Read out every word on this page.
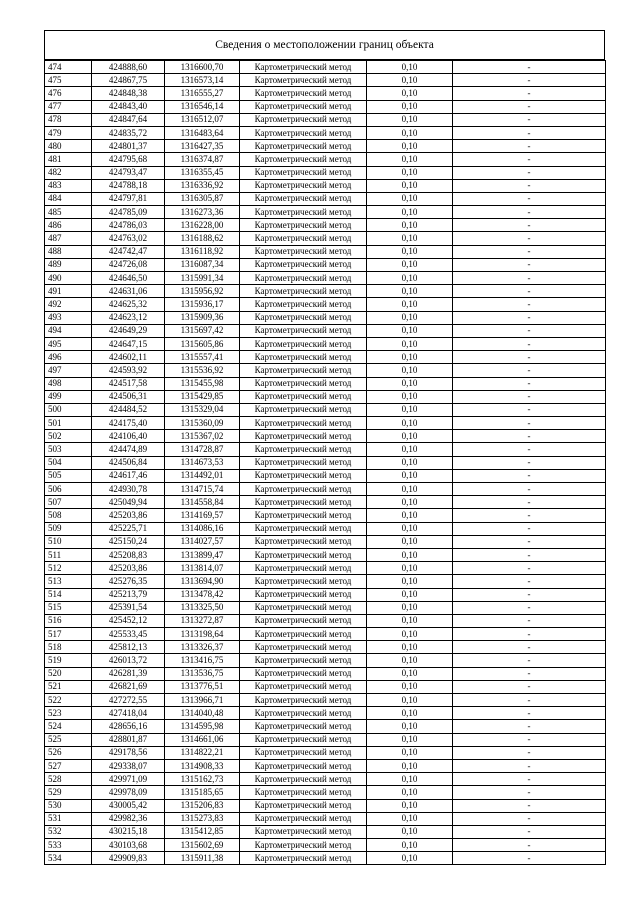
Сведения о местоположении границ объекта
474	424888,60	1316600,70	Картометрический метод	0,10	-
475	424867,75	1316573,14	Картометрический метод	0,10	-
476	424848,38	1316555,27	Картометрический метод	0,10	-
477	424843,40	1316546,14	Картометрический метод	0,10	-
478	424847,64	1316512,07	Картометрический метод	0,10	-
479	424835,72	1316483,64	Картометрический метод	0,10	-
480	424801,37	1316427,35	Картометрический метод	0,10	-
481	424795,68	1316374,87	Картометрический метод	0,10	-
482	424793,47	1316355,45	Картометрический метод	0,10	-
483	424788,18	1316336,92	Картометрический метод	0,10	-
484	424797,81	1316305,87	Картометрический метод	0,10	-
485	424785,09	1316273,36	Картометрический метод	0,10	-
486	424786,03	1316228,00	Картометрический метод	0,10	-
487	424763,02	1316188,62	Картометрический метод	0,10	-
488	424742,47	1316118,92	Картометрический метод	0,10	-
489	424726,08	1316087,34	Картометрический метод	0,10	-
490	424646,50	1315991,34	Картометрический метод	0,10	-
491	424631,06	1315956,92	Картометрический метод	0,10	-
492	424625,32	1315936,17	Картометрический метод	0,10	-
493	424623,12	1315909,36	Картометрический метод	0,10	-
494	424649,29	1315697,42	Картометрический метод	0,10	-
495	424647,15	1315605,86	Картометрический метод	0,10	-
496	424602,11	1315557,41	Картометрический метод	0,10	-
497	424593,92	1315536,92	Картометрический метод	0,10	-
498	424517,58	1315455,98	Картометрический метод	0,10	-
499	424506,31	1315429,85	Картометрический метод	0,10	-
500	424484,52	1315329,04	Картометрический метод	0,10	-
501	424175,40	1315360,09	Картометрический метод	0,10	-
502	424106,40	1315367,02	Картометрический метод	0,10	-
503	424474,89	1314728,87	Картометрический метод	0,10	-
504	424506,84	1314673,53	Картометрический метод	0,10	-
505	424617,46	1314492,01	Картометрический метод	0,10	-
506	424930,78	1314715,74	Картометрический метод	0,10	-
507	425049,94	1314558,84	Картометрический метод	0,10	-
508	425203,86	1314169,57	Картометрический метод	0,10	-
509	425225,71	1314086,16	Картометрический метод	0,10	-
510	425150,24	1314027,57	Картометрический метод	0,10	-
511	425208,83	1313899,47	Картометрический метод	0,10	-
512	425203,86	1313814,07	Картометрический метод	0,10	-
513	425276,35	1313694,90	Картометрический метод	0,10	-
514	425213,79	1313478,42	Картометрический метод	0,10	-
515	425391,54	1313325,50	Картометрический метод	0,10	-
516	425452,12	1313272,87	Картометрический метод	0,10	-
517	425533,45	1313198,64	Картометрический метод	0,10	-
518	425812,13	1313326,37	Картометрический метод	0,10	-
519	426013,72	1313416,75	Картометрический метод	0,10	-
520	426281,39	1313536,75	Картометрический метод	0,10	-
521	426821,69	1313776,51	Картометрический метод	0,10	-
522	427272,55	1313966,71	Картометрический метод	0,10	-
523	427418,04	1314040,48	Картометрический метод	0,10	-
524	428656,16	1314595,98	Картометрический метод	0,10	-
525	428801,87	1314661,06	Картометрический метод	0,10	-
526	429178,56	1314822,21	Картометрический метод	0,10	-
527	429338,07	1314908,33	Картометрический метод	0,10	-
528	429971,09	1315162,73	Картометрический метод	0,10	-
529	429978,09	1315185,65	Картометрический метод	0,10	-
530	430005,42	1315206,83	Картометрический метод	0,10	-
531	429982,36	1315273,83	Картометрический метод	0,10	-
532	430215,18	1315412,85	Картометрический метод	0,10	-
533	430103,68	1315602,69	Картометрический метод	0,10	-
534	429909,83	1315911,38	Картометрический метод	0,10	-
